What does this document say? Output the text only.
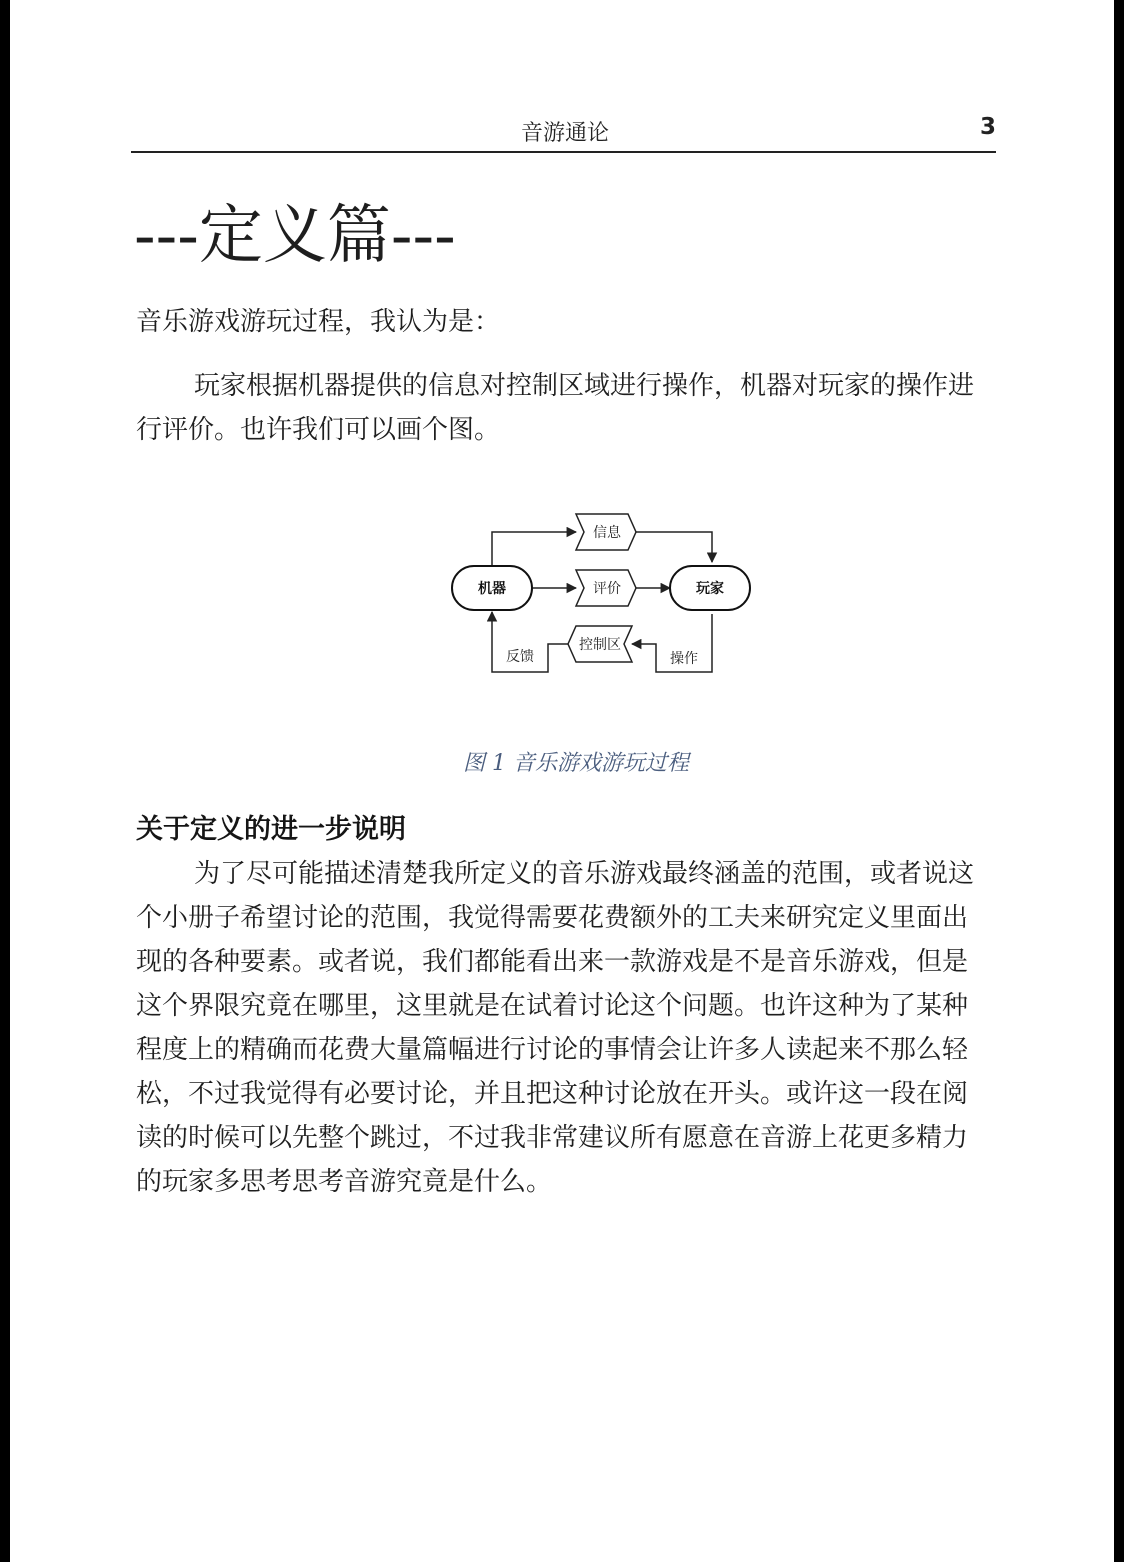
音游通论	3
---定义篇---

音乐游戏游玩过程，我认为是：

玩家根据机器提供的信息对控制区域进行操作，机器对玩家的操作进行评价。也许我们可以画个图。

机器	玩家
信息
评价
控制区
反馈	操作
图 1 音乐游戏游玩过程
关于定义的进一步说明

为了尽可能描述清楚我所定义的音乐游戏最终涵盖的范围，或者说这个小册子希望讨论的范围，我觉得需要花费额外的工夫来研究定义里面出现的各种要素。或者说，我们都能看出来一款游戏是不是音乐游戏，但是这个界限究竟在哪里，这里就是在试着讨论这个问题。也许这种为了某种程度上的精确而花费大量篇幅进行讨论的事情会让许多人读起来不那么轻松，不过我觉得有必要讨论，并且把这种讨论放在开头。或许这一段在阅读的时候可以先整个跳过，不过我非常建议所有愿意在音游上花更多精力的玩家多思考思考音游究竟是什么。
